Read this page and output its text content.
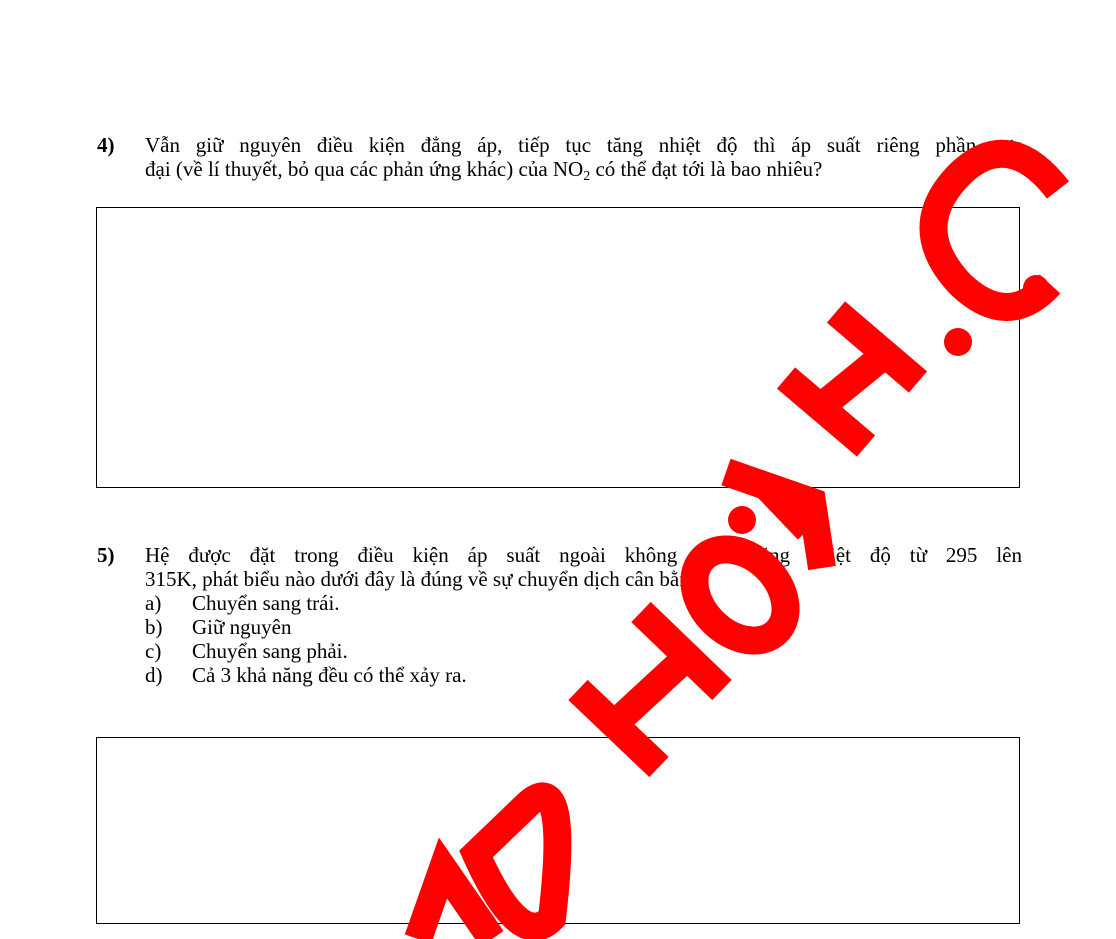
4) Vẫn giữ nguyên điều kiện đẳng áp, tiếp tục tăng nhiệt độ thì áp suất riêng phần cực
đại (về lí thuyết, bỏ qua các phản ứng khác) của $NO_2$ có thể đạt tới là bao nhiêu?
5) Hệ được đặt trong điều kiện áp suất ngoài không đổi. Tăng nhiệt độ từ 295 lên
315K, phát biểu nào dưới đây là đúng về sự chuyển dịch cân bằng:
a) Chuyển sang trái.
b) Giữ nguyên
c) Chuyển sang phải.
d) Cả 3 khả năng đều có thể xảy ra.
